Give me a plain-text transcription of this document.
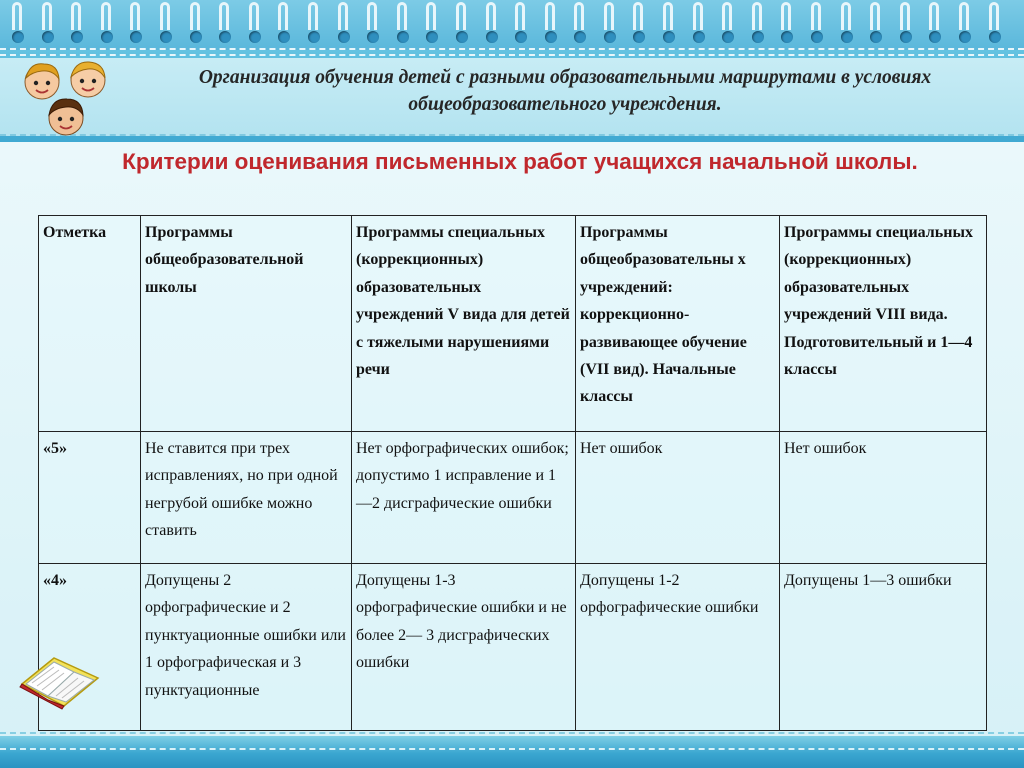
Организация обучения детей с разными образовательными маршрутами в условиях общеобразовательного учреждения.
Критерии оценивания письменных работ учащихся начальной школы.
Отметка	Программы общеобразовательной школы	Программы специальных (коррекционных) образовательных учреждений V вида для детей с тяжелыми нарушениями речи	Программы общеобразовательны х учреждений: коррекционно-развивающее обучение (VII вид). Начальные классы	Программы специальных (коррекционных) образовательных учреждений VIII вида. Подготовительный и 1—4 классы
«5»	Не ставится при трех исправлениях, но при одной негрубой ошибке можно ставить	Нет орфографических ошибок; допустимо 1 исправление и 1—2 дисграфические ошибки	Нет ошибок	Нет ошибок
«4»	Допущены 2 орфографические и 2 пунктуационные ошибки или 1 орфографическая и 3 пунктуационные	Допущены 1-3 орфографические ошибки и не более 2— 3 дисграфических ошибки	Допущены 1-2 орфографические ошибки	Допущены 1—3 ошибки
